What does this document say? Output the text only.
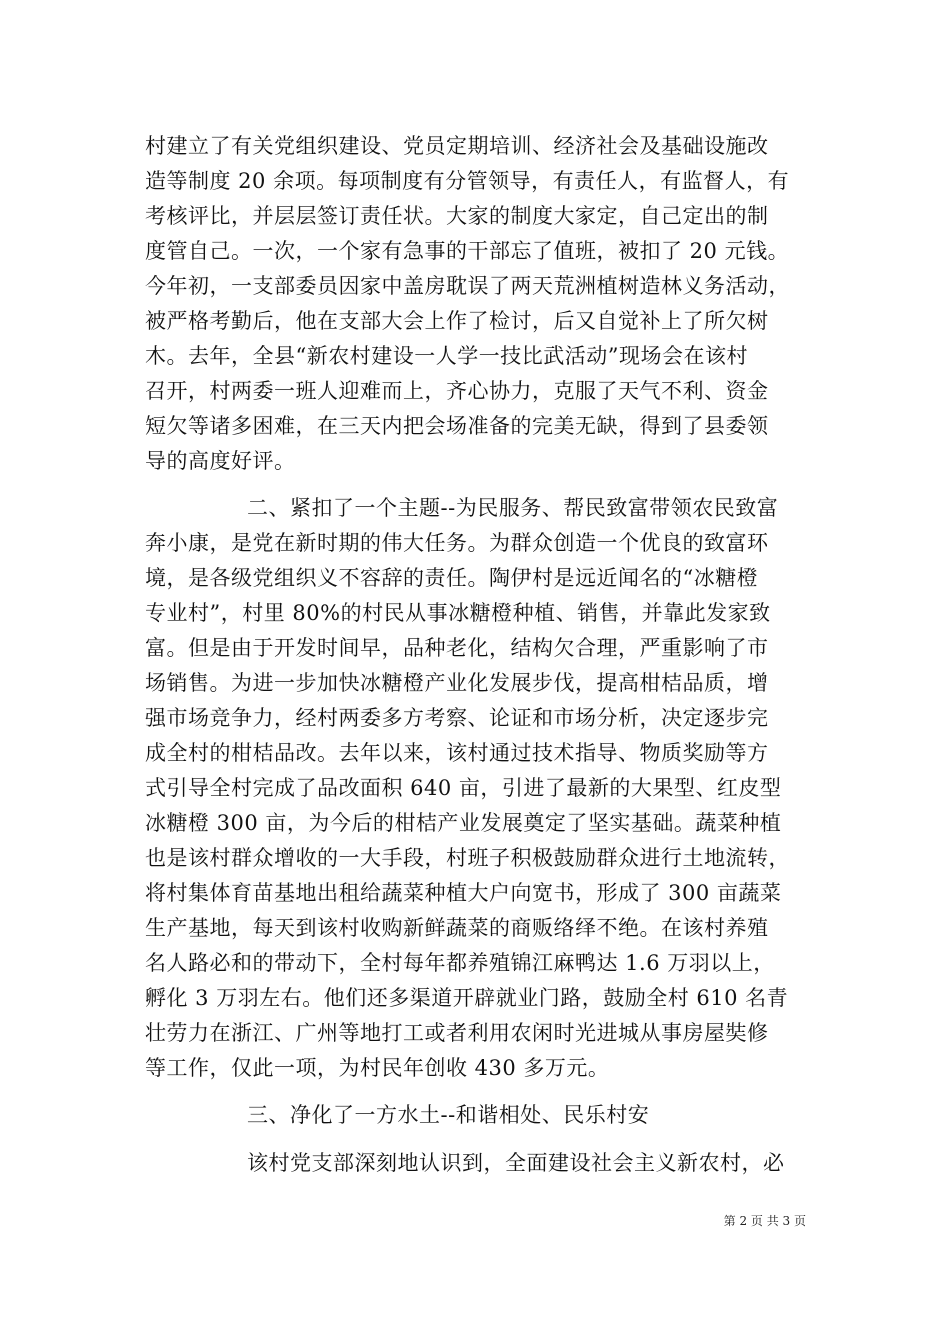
村建立了有关党组织建设、党员定期培训、经济社会及基础设施改
造等制度 20 余项。每项制度有分管领导，有责任人，有监督人，有
考核评比，并层层签订责任状。大家的制度大家定，自己定出的制
度管自己。一次，一个家有急事的干部忘了值班，被扣了 20 元钱。
今年初，一支部委员因家中盖房耽误了两天荒洲植树造林义务活动，
被严格考勤后，他在支部大会上作了检讨，后又自觉补上了所欠树
木。去年，全县“新农村建设一人学一技比武活动”现场会在该村
召开，村两委一班人迎难而上，齐心协力，克服了天气不利、资金
短欠等诸多困难，在三天内把会场准备的完美无缺，得到了县委领
导的高度好评。
二、紧扣了一个主题--为民服务、帮民致富带领农民致富
奔小康，是党在新时期的伟大任务。为群众创造一个优良的致富环
境，是各级党组织义不容辞的责任。陶伊村是远近闻名的“冰糖橙
专业村”，村里 80%的村民从事冰糖橙种植、销售，并靠此发家致
富。但是由于开发时间早，品种老化，结构欠合理，严重影响了市
场销售。为进一步加快冰糖橙产业化发展步伐，提高柑桔品质，增
强市场竞争力，经村两委多方考察、论证和市场分析，决定逐步完
成全村的柑桔品改。去年以来，该村通过技术指导、物质奖励等方
式引导全村完成了品改面积 640 亩，引进了最新的大果型、红皮型
冰糖橙 300 亩，为今后的柑桔产业发展奠定了坚实基础。蔬菜种植
也是该村群众增收的一大手段，村班子积极鼓励群众进行土地流转，
将村集体育苗基地出租给蔬菜种植大户向宽书，形成了 300 亩蔬菜
生产基地，每天到该村收购新鲜蔬菜的商贩络绎不绝。在该村养殖
名人路必和的带动下，全村每年都养殖锦江麻鸭达 1.6 万羽以上，
孵化 3 万羽左右。他们还多渠道开辟就业门路，鼓励全村 610 名青
壮劳力在浙江、广州等地打工或者利用农闲时光进城从事房屋奘修
等工作，仅此一项，为村民年创收 430 多万元。
三、净化了一方水土--和谐相处、民乐村安
该村党支部深刻地认识到，全面建设社会主义新农村，必
第 2 页 共 3 页
